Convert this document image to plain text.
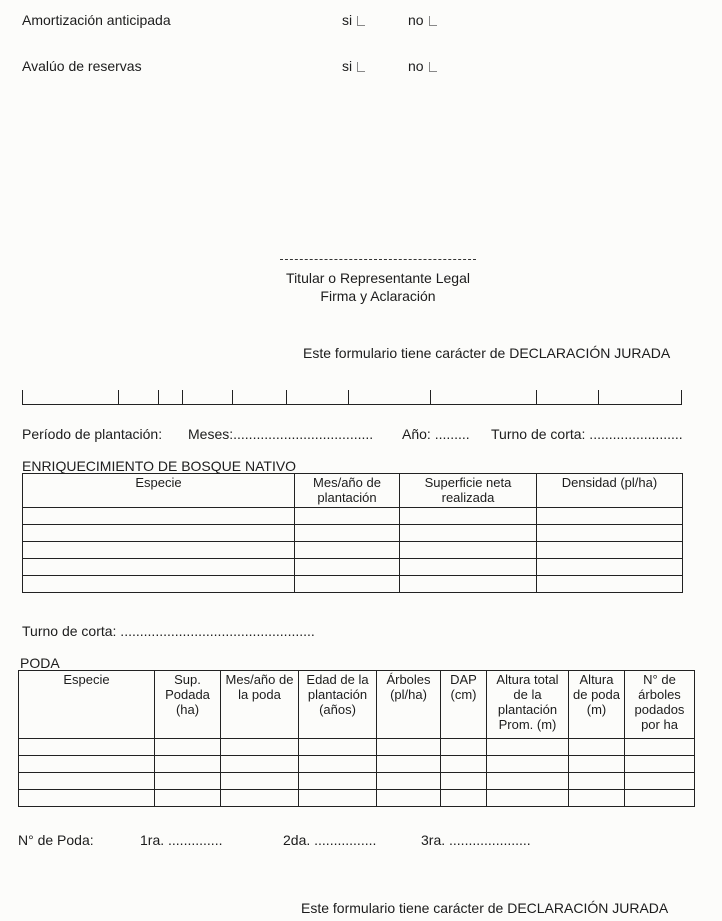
Amortización anticipada	si	no
Avalúo de reservas	si	no
Titular o Representante Legal
Firma y Aclaración
Este formulario tiene carácter de DECLARACIÓN JURADA
Período de plantación: Meses:.................................... Año: ......... Turno de corta: ........................
ENRIQUECIMIENTO DE BOSQUE NATIVO
Especie	Mes/año de plantación	Superficie neta realizada	Densidad (pl/ha)

Turno de corta: ..................................................
PODA
Especie	Sup. Podada (ha)	Mes/año de la poda	Edad de la plantación (años)	Árboles (pl/ha)	DAP (cm)	Altura total de la plantación Prom. (m)	Altura de poda (m)	N° de árboles podados por ha

N° de Poda:	1ra. ..............	2da. ................	3ra. .....................
Este formulario tiene carácter de DECLARACIÓN JURADA
